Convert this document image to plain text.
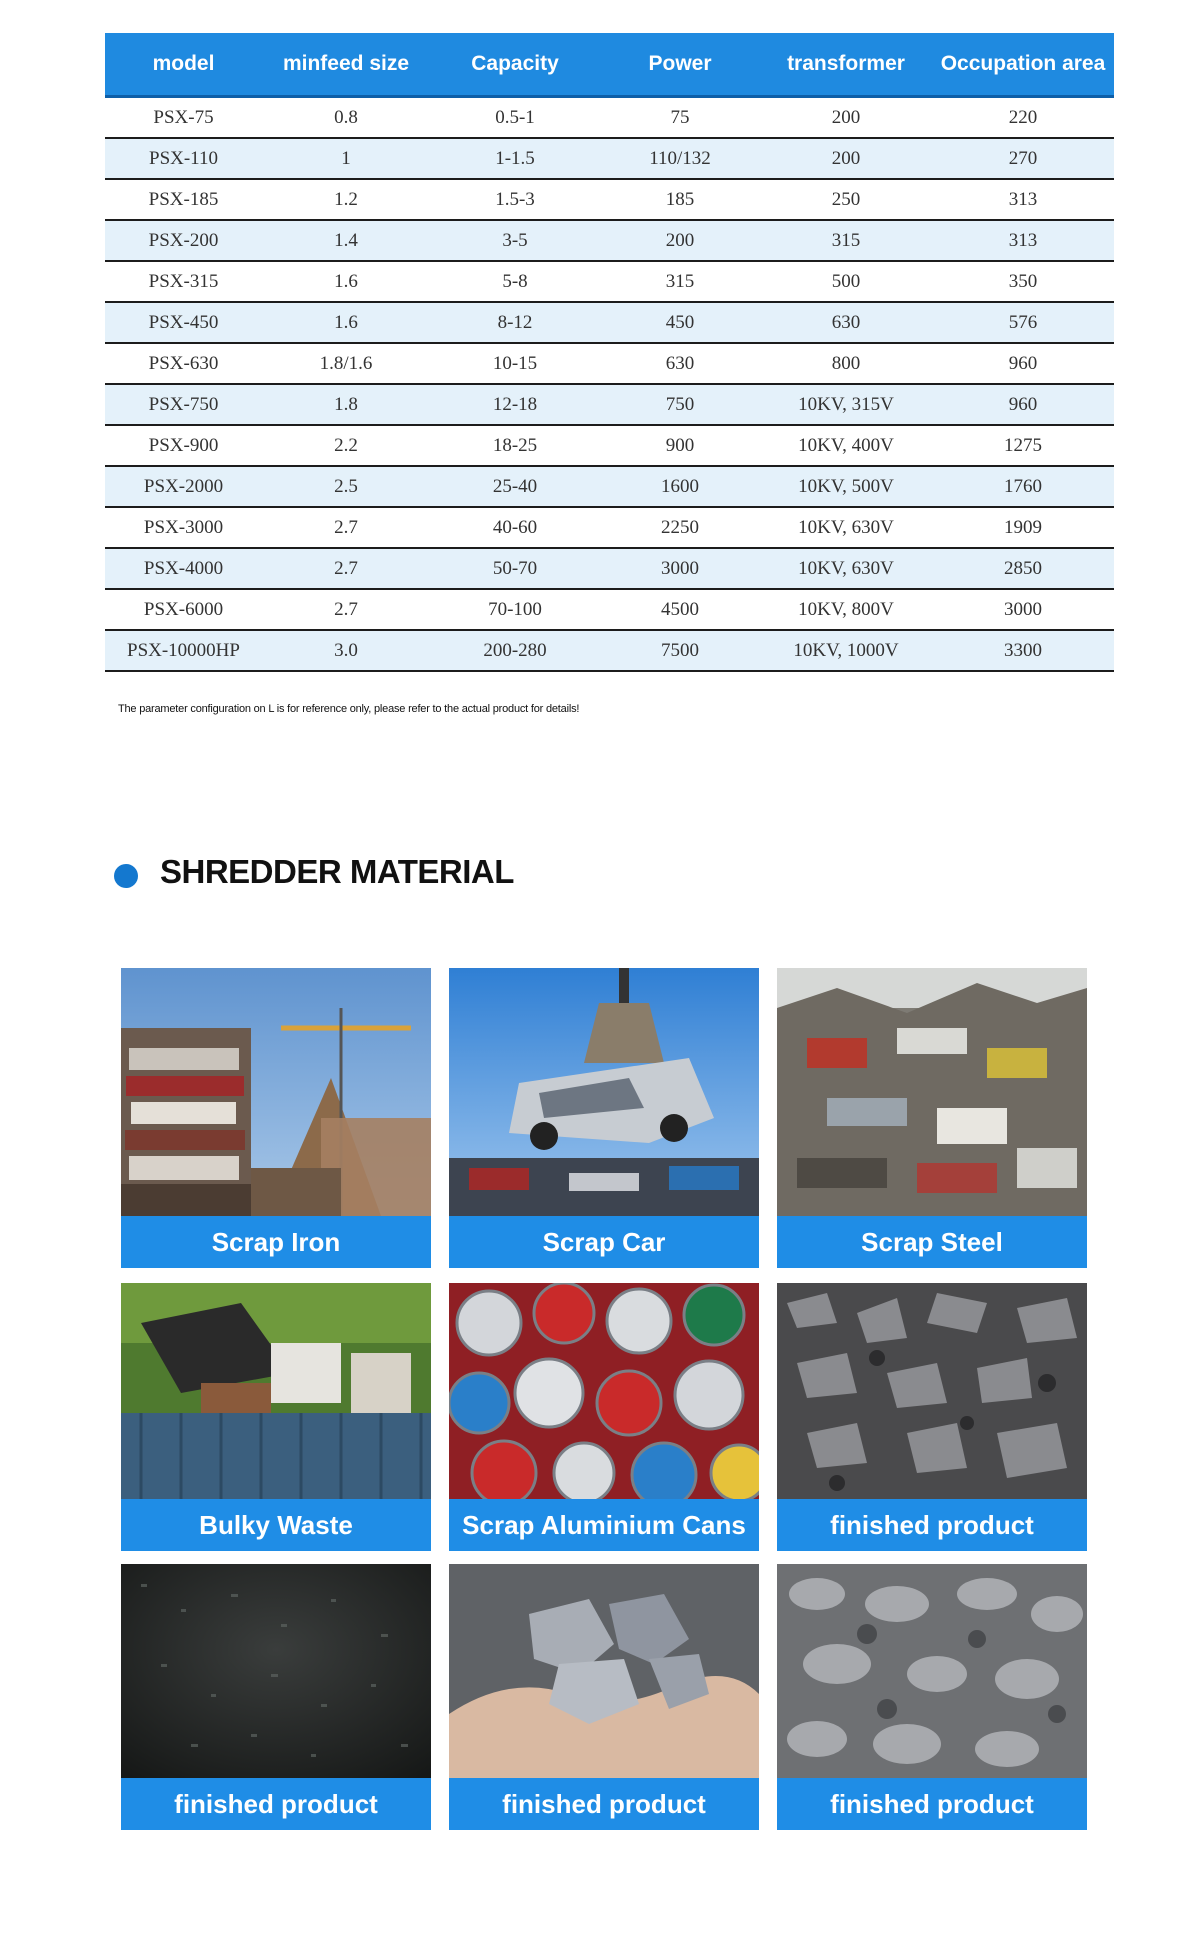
model	minfeed size	Capacity	Power	transformer	Occupation area
PSX-75	0.8	0.5-1	75	200	220
PSX-110	1	1-1.5	110/132	200	270
PSX-185	1.2	1.5-3	185	250	313
PSX-200	1.4	3-5	200	315	313
PSX-315	1.6	5-8	315	500	350
PSX-450	1.6	8-12	450	630	576
PSX-630	1.8/1.6	10-15	630	800	960
PSX-750	1.8	12-18	750	10KV, 315V	960
PSX-900	2.2	18-25	900	10KV, 400V	1275
PSX-2000	2.5	25-40	1600	10KV, 500V	1760
PSX-3000	2.7	40-60	2250	10KV, 630V	1909
PSX-4000	2.7	50-70	3000	10KV, 630V	2850
PSX-6000	2.7	70-100	4500	10KV, 800V	3000
PSX-10000HP	3.0	200-280	7500	10KV, 1000V	3300
The parameter configuration on L is for reference only, please refer to the actual product for details!
SHREDDER MATERIAL
Scrap Iron	Scrap Car	Scrap Steel
Bulky Waste	Scrap Aluminium Cans	finished product
finished product	finished product	finished product
